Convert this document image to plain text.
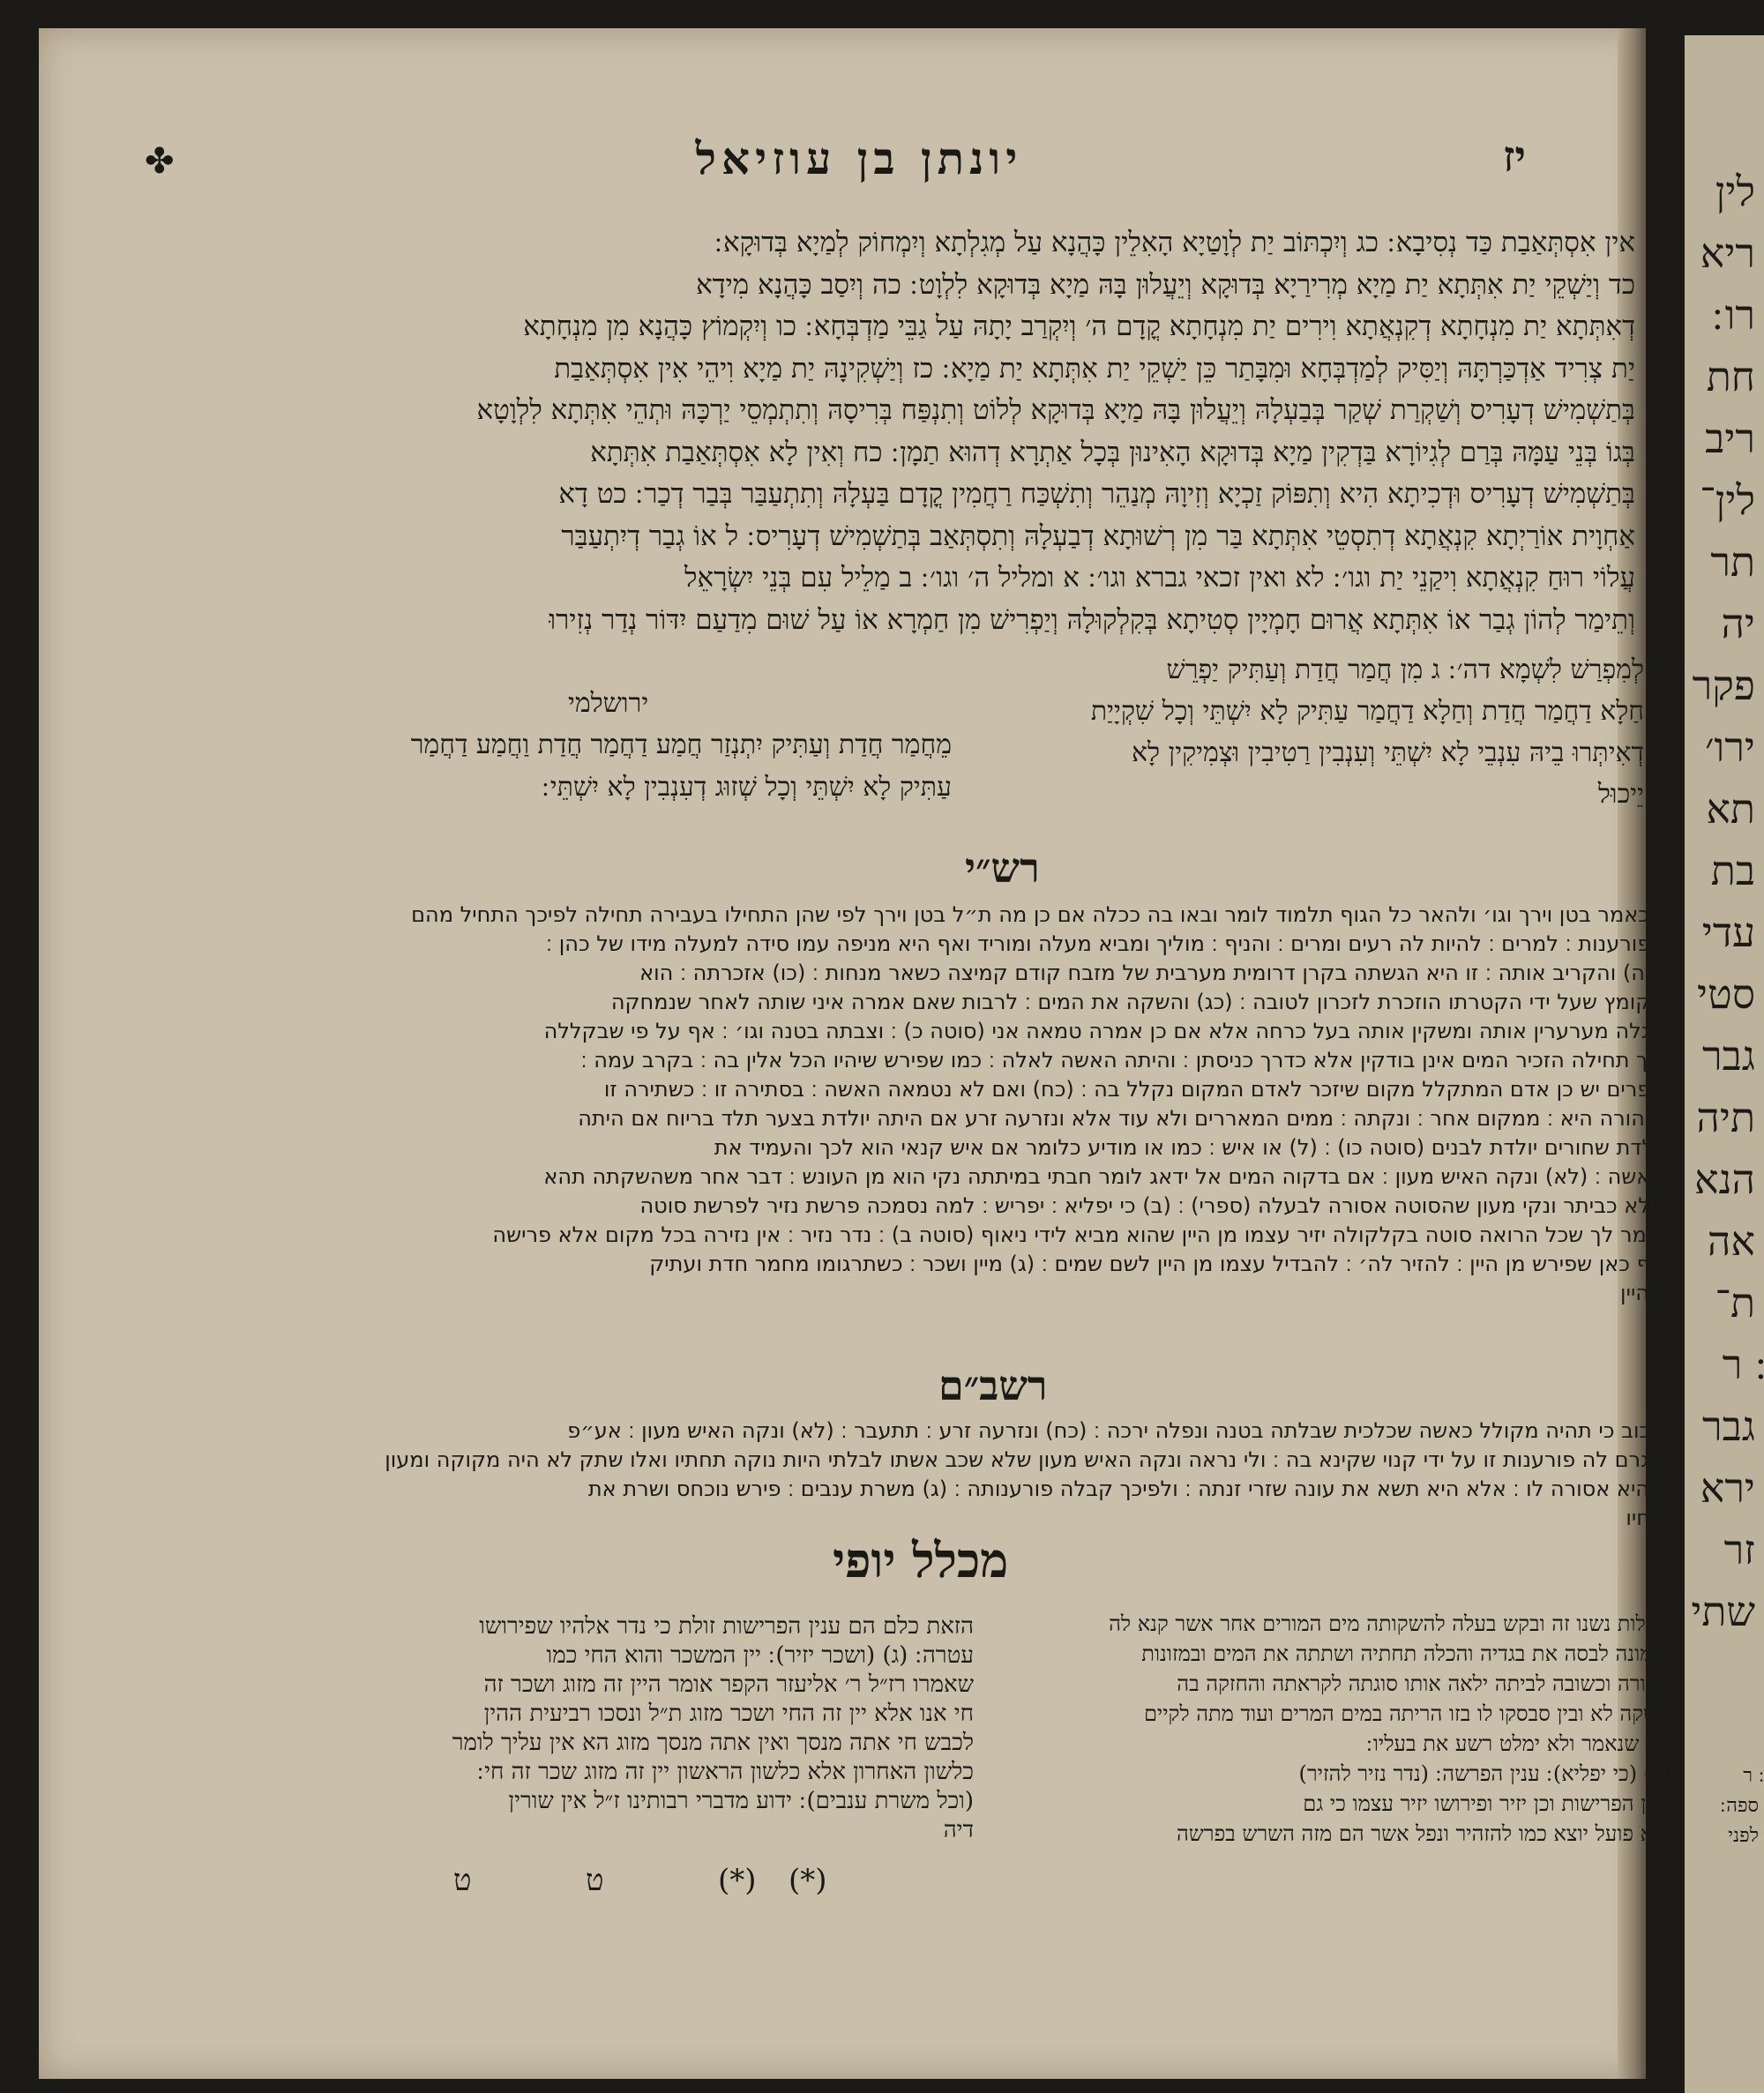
✤	יז
יונתן בן עוזיאל
אין אִסְתְּאַבַת כַּד נְסִיבָא ׃ כג וְיִכְתּוֹב יַת לְוָטַיָא הָאִלֵין כָּהֲנָא עַל מְגִלְתָא וְיִמְחוֹק לְמַיָא בְּדוּקָא ׃
כד וְיַשְׁקֵי יַת אִתְּתָא יַת מַיָא מְרִירַיָא בְּדוּקָא וְיֵעֲלוּן בָּהּ מַיָא בְּדוּקָא לִלְוָט ׃ כה וְיִסַב כָּהֲנָא מִידָא
דְאִתְּתָא יַת מִנְחָתָא דְקִנְאֲתָא וִירִים יַת מִנְחָתָא קֳדָם ה׳ וְיִקְרַב יָתָהּ עַל גַבֵּי מַדְבְּחָא ׃ כו וְיִקְמוֹץ כָּהֲנָא מִן מִנְחָתָא
יַת צְרִיד אַדְכַּרְתָּהּ וְיַסִּיק לְמַדְבְּחָא וּמִבָּתַר כֵּן יַשְׁקֵי יַת אִתְּתָא יַת מַיָא ׃ כז וְיַשְׁקִינָהּ יַת מַיָא וִיהֵי אִין אִסְתְּאַבַת
בְּתַשְׁמִישׁ דְעָרִיס וְשַׁקְרַת שְׁקַר בְּבַעְלָהּ וְיֵעֲלוּן בָּהּ מַיָא בְּדוּקָא לְלוֹט וְתִנְפַּח בְּרִיסָהּ וְתִתְמְסֵי יַרְכָּהּ וּתְהֵי אִתְּתָא לִלְוָטָא
בְּגוֹ בְּנֵי עַמָּהּ בְּרַם לְגִיוֹרָא בַּדְקִין מַיָא בְּדוּקָא הָאִינוּן בְּכָל אַתְרָא דְהוּא תַמָן ׃ כח וְאִין לָא אִסְתְּאַבַת אִתְּתָא
בְּתַשְׁמִישׁ דְעָרִיס וּדְכִיתָא הִיא וְתִפּוֹק זַכְיָא וְזִיוָהּ מְנַהֵר וְתִשְׁכַּח רַחֲמִין קֳדָם בַּעְלָהּ וְתִתְעַבַּר בְּבַר דְכַר ׃ כט דָא
אַחְוָית אוֹרַיְתָא קִנְאֲתָא דְתִסְטֵי אִתְּתָא בַּר מִן רְשׁוּתָא דְבַעְלָהּ וְתִסְתְּאַב בְּתַשְׁמִישׁ דְעָרִיס ׃ ל אוֹ גְבַר דְיִתְעַבַּר
עֲלוֹי רוּחַ קִנְאֲתָא וִיקַנֵי יַת וגו׳ ׃ לא ואין זכאי גברא וגו׳ ׃ א ומליל ה׳ וגו׳ ׃ ב מַלֵיל עִם בְּנֵי יִשְׂרָאֵל
וְתֵימַר לְהוֹן גְבַר אוֹ אִתְּתָא אֲרוּם חָמְיָין סְטִיתָא בְּקִלְקוּלָהּ וְיַפְרִישׁ מִן חַמְרָא אוֹ עַל שׁוּם מִדַעַם יִדּוֹר נְדַר נְזִירוּ
לְמִפְרַשׁ לִשְׁמָא דה׳ ׃ ג מִן חֲמַר חֲדַת וְעַתִּיק יַפְרֵשׁ
חַלָא דַחֲמַר חֲדַת וְחַלָא דַחֲמַר עַתִּיק לָא יִשְׁתֵּי וְכָל שִׁקְיָיַת
דְאִיתְּרוּ בֵיהּ עִנְבֵי לָא יִשְׁתֵּי וְעִנְבִין רַטִיבִין וּצְמִיקִין לָא
יֵיכוּל
ירושלמי
מֵחֲמַר חֲדַת וְעַתִּיק יִתְנְזַר חֲמַע דַחֲמַר חֲדַת וַחֲמַע דַחֲמַר
עַתִּיק לָא יִשְׁתֵּי וְכָל שְׁזוּג דְעִנְבִין לָא יִשְׁתֵּי ׃
רש״י
שכאמר בטן וירך וגו׳ ולהאר כל הגוף תלמוד לומר ובאו בה ככלה אם כן מה ת״ל בטן וירך לפי שהן התחילו בעבירה תחילה לפיכך התחיל מהם
הפורענות ׃ למרים ׃ להיות לה רעים ומרים ׃ והניף ׃ מוליך ומביא מעלה ומוריד ואף היא מניפה עמו סידה למעלה מידו של כהן ׃
(כה) והקריב אותה ׃ זו היא הגשתה בקרן דרומית מערבית של מזבח קודם קמיצה כשאר מנחות ׃ (כו) אזכרתה ׃ הוא
הקומץ שעל ידי הקטרתו הוזכרת לזכרון לטובה ׃ (כג) והשקה את המים ׃ לרבות שאם אמרה איני שותה לאחר שנמחקה
מגלה מערערין אותה ומשקין אותה בעל כרחה אלא אם כן אמרה טמאה אני (סוטה כ) ׃ וצבתה בטנה וגו׳ ׃ אף על פי שבקללה
ירך תחילה הזכיר המים אינן בודקין אלא כדרך כניסתן ׃ והיתה האשה לאלה ׃ כמו שפירש שיהיו הכל אלין בה ׃ בקרב עמה ׃
הפרים יש כן אדם המתקלל מקום שיזכר לאדם המקום נקלל בה ׃ (כח) ואם לא נטמאה האשה ׃ בסתירה זו ׃ כשתירה זו
וטהורה היא ׃ ממקום אחר ׃ ונקתה ׃ ממים המאררים ולא עוד אלא ונזרעה זרע אם היתה יולדת בצער תלד בריוח אם היתה
יולדת שחורים יולדת לבנים (סוטה כו) ׃ (ל) או איש ׃ כמו או מודיע כלומר אם איש קנאי הוא לכך והעמיד את
האשה ׃ (לא) ונקה האיש מעון ׃ אם בדקוה המים אל ידאג לומר חבתי במיתתה נקי הוא מן העונש ׃ דבר אחר משהשקתה תהא
אלא כביתר ונקי מעון שהסוטה אסורה לבעלה (ספרי) ׃ (ב) כי יפליא ׃ יפריש ׃ למה נסמכה פרשת נזיר לפרשת סוטה
לומר לך שכל הרואה סוטה בקלקולה יזיר עצמו מן היין שהוא מביא לידי ניאוף (סוטה ב) ׃ נדר נזיר ׃ אין נזירה בכל מקום אלא פרישה
אף כאן שפירש מן היין ׃ להזיר לה׳ ׃ להבדיל עצמו מן היין לשם שמים ׃ (ג) מיין ושכר ׃ כשתרגומו מחמר חדת ועתיק
שהיין
רשב״ם
תכוב כי תהיה מקולל כאשה שכלכית שבלתה בטנה ונפלה ירכה ׃ (כח) ונזרעה זרע ׃ תתעבר ׃ (לא) ונקה האיש מעון ׃ אע״פ
שגרם לה פורענות זו על ידי קנוי שקינא בה ׃ ולי נראה ונקה האיש מעון שלא שכב אשתו לבלתי היות נוקה תחתיו ואלו שתק לא היה מקוקה ומעון
שהיא אסורה לו ׃ אלא היא תשא את עונה שזרי זנתה ׃ ולפיכך קבלה פורענותה ׃ (ג) משרת ענבים ׃ פירש נוכחס ושרת את
אחיו
מכלל יופי
הזאת כלם הם ענין הפרישות זולת כי נדר אלהיו שפירושו
עטרה ׃ (ג) (ושכר יזיר) ׃ יין המשכר והוא החי כמו
שאמרו רז״ל ר׳ אליעזר הקפר אומר היין זה מזוג ושכר זה
חי אנו אלא יין זה החי ושכר מזוג ת״ל ונסכו רביעית ההין
לכבש חי אתה מנסך ואין אתה מנסך מזוג הא אין עליך לומר
כלשון האחרון אלא כלשון הראשון יין זה מזוג שכר זה חי ׃
(וכל משרת ענבים) ׃ ידוע מדברי רבותינו ז״ל אין שורין
דיה
האלות נשנו זה ובקש בעלה להשקותה מים המורים אחר אשר קנא לה
ואמונה לבסה את בגדיה והכלה תחתיה ושתתה את המים ובמזונות
טהורה וכשובה לביתה ילאה אותו סוגתה לקראתה והחזקה בה
ונשקה לא ובין סבסקו לו בזו הריתה במים המרים ועוד מתה לקיים
מה שנאמר ולא ימלט רשע את בעליו ׃
(ב) (כי יפליא) ׃ ענין הפרשה ׃ (נדר נזיר להזיר)
ענין הפרישות וכן יזיר ופירושו יזיר עצמו כי גם
הוא פועל יוצא כמו להזהיר ונפל אשר הם מזה השרש בפרשה
ט	ט	(*) (*)
לין
ריא
רו ׃
חת
ריב
לין־
תר
יה
פקר
ירו׳
תא
בת
עדי
סטי
גבר
תיה
הנא
אה
ת־
׃ ר
גבר
ירא
זר
שתי
׃ ר
ספה ׃
לפני
